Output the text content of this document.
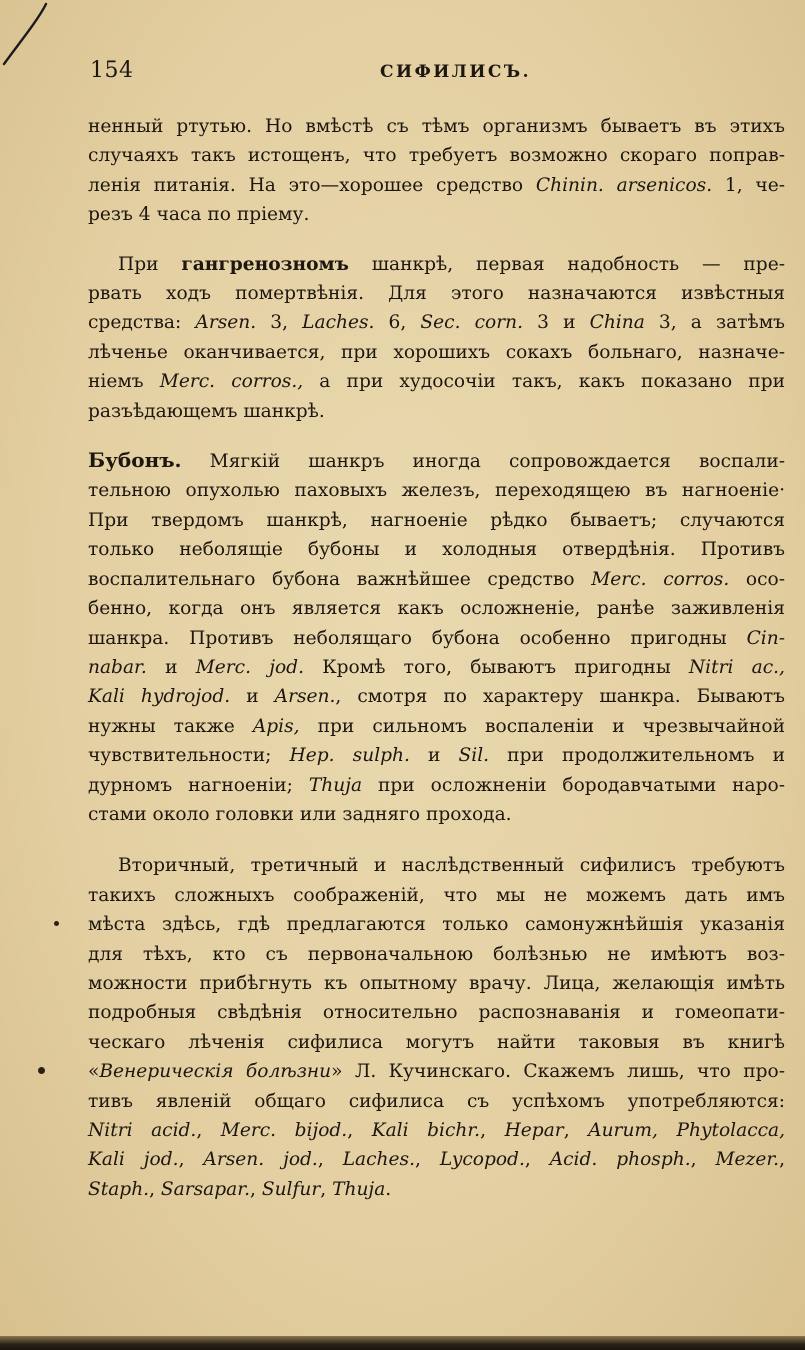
154	СИФИЛИСЪ.

ненный ртутью. Но вмѣстѣ съ тѣмъ организмъ бываетъ въ этихъ
случаяхъ такъ истощенъ, что требуетъ возможно скораго поправ-
ленія питанія. На это—хорошее средство Chinin. arsenicos. 1, че-
резъ 4 часа по пріему.

При гангренозномъ шанкрѣ, первая надобность — пре-
рвать ходъ помертвѣнія. Для этого назначаются извѣстныя
средства: Arsen. 3, Laches. 6, Sec. corn. 3 и China 3, а затѣмъ
лѣченье оканчивается, при хорошихъ сокахъ больнаго, назначе-
ніемъ Merc. corros., а при худосочіи такъ, какъ показано при
разъѣдающемъ шанкрѣ.

Бубонъ. Мягкій шанкръ иногда сопровождается воспали-
тельною опухолью паховыхъ железъ, переходящею въ нагноеніе·
При твердомъ шанкрѣ, нагноеніе рѣдко бываетъ; случаются
только неболящіе бубоны и холодныя отвердѣнія. Противъ
воспалительнаго бубона важнѣйшее средство Merc. corros. осо-
бенно, когда онъ является какъ осложненіе, ранѣе заживленія
шанкра. Противъ неболящаго бубона особенно пригодны Cin-
nabar. и Merc. jod. Кромѣ того, бываютъ пригодны Nitri ac.,
Kali hydrojod. и Arsen., смотря по характеру шанкра. Бываютъ
нужны также Apis, при сильномъ воспаленіи и чрезвычайной
чувствительности; Hep. sulph. и Sil. при продолжительномъ и
дурномъ нагноеніи; Thuja при осложненіи бородавчатыми наро-
стами около головки или задняго прохода.

Вторичный, третичный и наслѣдственный сифилисъ требуютъ
такихъ сложныхъ соображеній, что мы не можемъ дать имъ
мѣста здѣсь, гдѣ предлагаются только самонужнѣйшія указанія
для тѣхъ, кто съ первоначальною болѣзнью не имѣютъ воз-
можности прибѣгнуть къ опытному врачу. Лица, желающія имѣть
подробныя свѣдѣнія относительно распознаванія и гомеопати-
ческаго лѣченія сифилиса могутъ найти таковыя въ книгѣ
«Венерическія болѣзни» Л. Кучинскаго. Скажемъ лишь, что про-
тивъ явленій общаго сифилиса съ успѣхомъ употребляются:
Nitri acid., Merc. bijod., Kali bichr., Hepar, Aurum, Phytolacca,
Kali jod., Arsen. jod., Laches., Lycopod., Acid. phosph., Mezer.,
Staph., Sarsapar., Sulfur, Thuja.
